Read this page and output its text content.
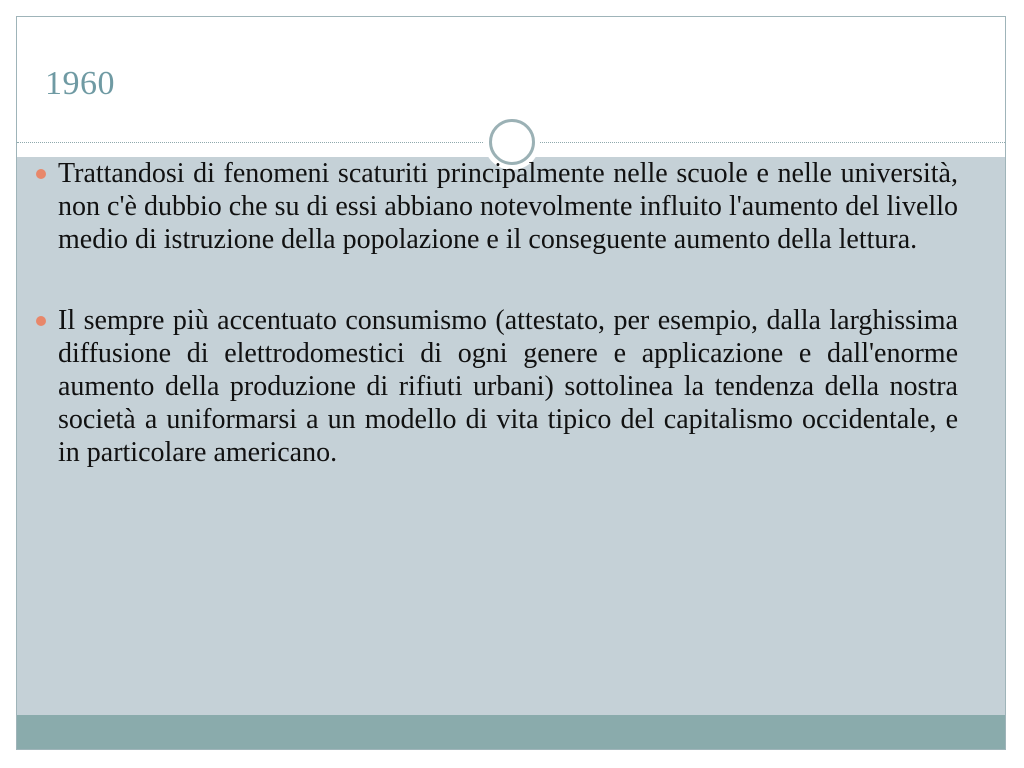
1960
Trattandosi di fenomeni scaturiti principalmente nelle scuole e nelle università, non c'è dubbio che su di essi abbiano notevolmente influito l'aumento del livello medio di istruzione della popolazione e il conseguente aumento della lettura.
Il sempre più accentuato consumismo (attestato, per esempio, dalla larghissima diffusione di elettrodomestici di ogni genere e applicazione e dall'enorme aumento della produzione di rifiuti urbani) sottolinea la tendenza della nostra società a uniformarsi a un modello di vita tipico del capitalismo occidentale, e in particolare americano.
